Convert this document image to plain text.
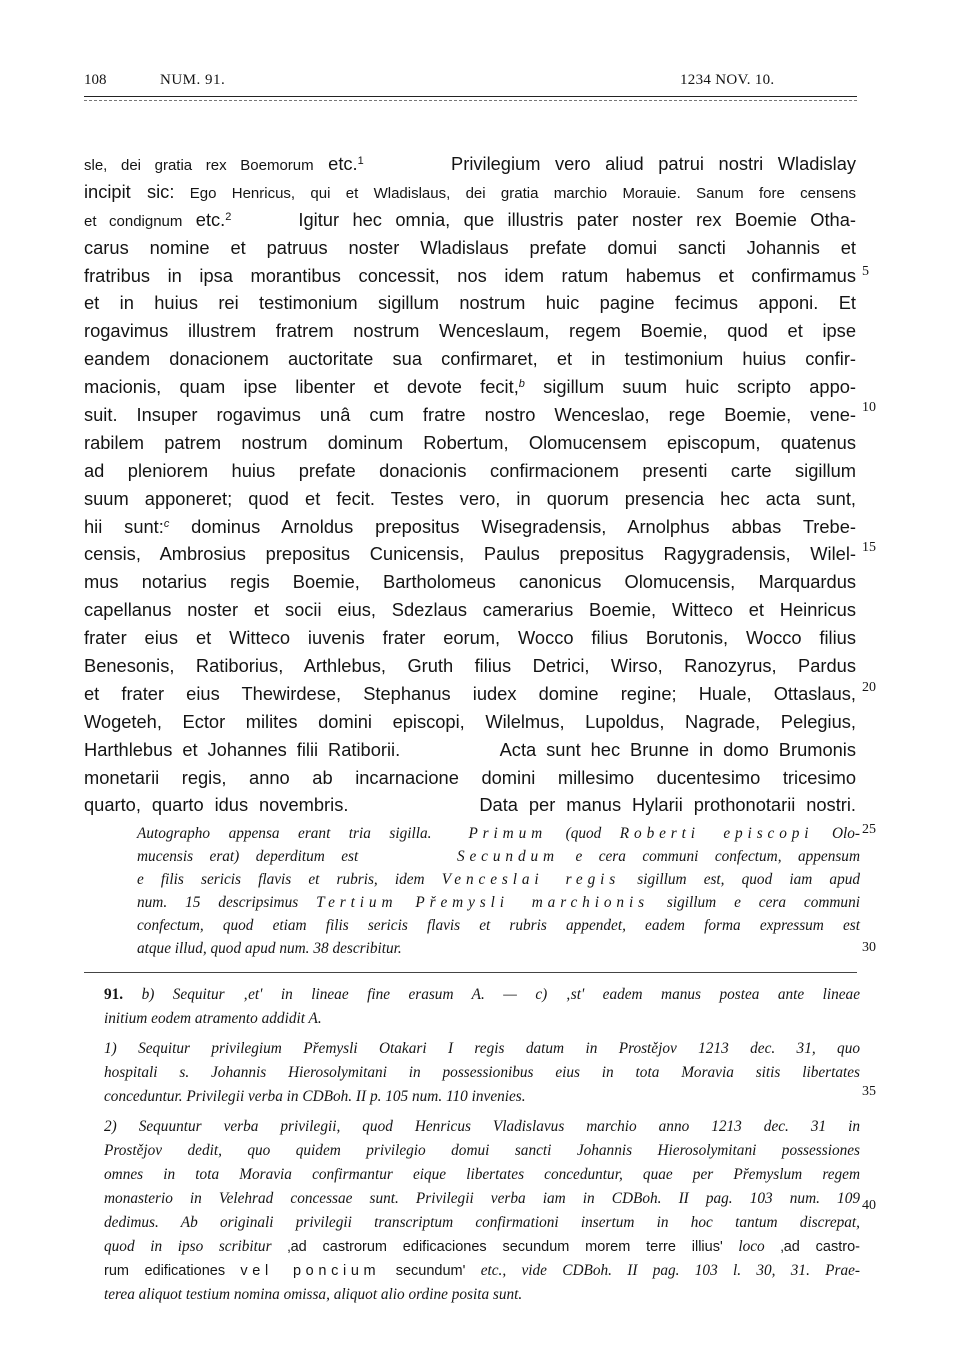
108	NUM. 91.	1234 NOV. 10.
sle, dei gratia rex Boemorum etc.$^1$	Privilegium vero aliud patrui nostri Wladislay
incipit sic: Ego Henricus, qui et Wladislaus, dei gratia marchio Morauie. Sanum fore censens
et condignum etc.$^2$	Igitur hec omnia, que illustris pater noster rex Boemie Otha-
carus nomine et patruus noster Wladislaus prefate domui sancti Johannis et
fratribus in ipsa morantibus concessit, nos idem ratum habemus et confirmamus
et in huius rei testimonium sigillum nostrum huic pagine fecimus apponi. Et
rogavimus illustrem fratrem nostrum Wenceslaum, regem Boemie, quod et ipse
eandem donacionem auctoritate sua confirmaret, et in testimonium huius confir-
macionis, quam ipse libenter et devote fecit,$^b$ sigillum suum huic scripto appo-
suit. Insuper rogavimus unâ cum fratre nostro Wenceslao, rege Boemie, vene-
rabilem patrem nostrum dominum Robertum, Olomucensem episcopum, quatenus
ad pleniorem huius prefate donacionis confirmacionem presenti carte sigillum
suum apponeret; quod et fecit. Testes vero, in quorum presencia hec acta sunt,
hii sunt:$^c$ dominus Arnoldus prepositus Wisegradensis, Arnolphus abbas Trebe-
censis, Ambrosius prepositus Cunicensis, Paulus prepositus Ragygradensis, Wilel-
mus notarius regis Boemie, Bartholomeus canonicus Olomucensis, Marquardus
capellanus noster et socii eius, Sdezlaus camerarius Boemie, Witteco et Heinricus
frater eius et Witteco iuvenis frater eorum, Wocco filius Borutonis, Wocco filius
Benesonis, Ratiborius, Arthlebus, Gruth filius Detrici, Wirso, Ranozyrus, Pardus
et frater eius Thewirdese, Stephanus iudex domine regine; Huale, Ottaslaus,
Wogeteh, Ector milites domini episcopi, Wilelmus, Lupoldus, Nagrade, Pelegius,
Harthlebus et Johannes filii Ratiborii.	Acta sunt hec Brunne in domo Brumonis
monetarii regis, anno ab incarnacione domini millesimo ducentesimo tricesimo
quarto, quarto idus novembris.	Data per manus Hylarii prothonotarii nostri.
Autographo appensa erant tria sigilla. Primum (quod Roberti episcopi Olo-
mucensis erat) deperditum est	Secundum e cera communi confectum, appensum
e filis sericis flavis et rubris, idem Venceslai regis sigillum est, quod iam apud
num. 15 descripsimus Tertium Přemysli marchionis sigillum e cera communi
confectum, quod etiam filis sericis flavis et rubris appendet, eadem forma expressum est
atque illud, quod apud num. 38 describitur.
91. b) Sequitur ‚et' in lineae fine erasum A. — c) ‚st' eadem manus postea ante lineae
initium eodem atramento addidit A.
1) Sequitur privilegium Přemysli Otakari I regis datum in Prostějov 1213 dec. 31, quo
hospitali s. Johannis Hierosolymitani in possessionibus eius in tota Moravia sitis libertates
conceduntur. Privilegii verba in CDBoh. II p. 105 num. 110 invenies.
2) Sequuntur verba privilegii, quod Henricus Vladislavus marchio anno 1213 dec. 31 in
Prostějov dedit, quo quidem privilegio domui sancti Johannis Hierosolymitani possessiones
omnes in tota Moravia confirmantur eique libertates conceduntur, quae per Přemyslum regem
monasterio in Velehrad concessae sunt. Privilegii verba iam in CDBoh. II pag. 103 num. 109
dedimus. Ab originali privilegii transcriptum confirmationi insertum in hoc tantum discrepat,
quod in ipso scribitur ‚ad castrorum edificaciones secundum morem terre illius' loco ‚ad castro-
rum edificationes vel poncium secundum' etc., vide CDBoh. II pag. 103 l. 30, 31. Prae-
terea aliquot testium nomina omissa, aliquot alio ordine posita sunt.
5
10
15
20
25
30
35
40
